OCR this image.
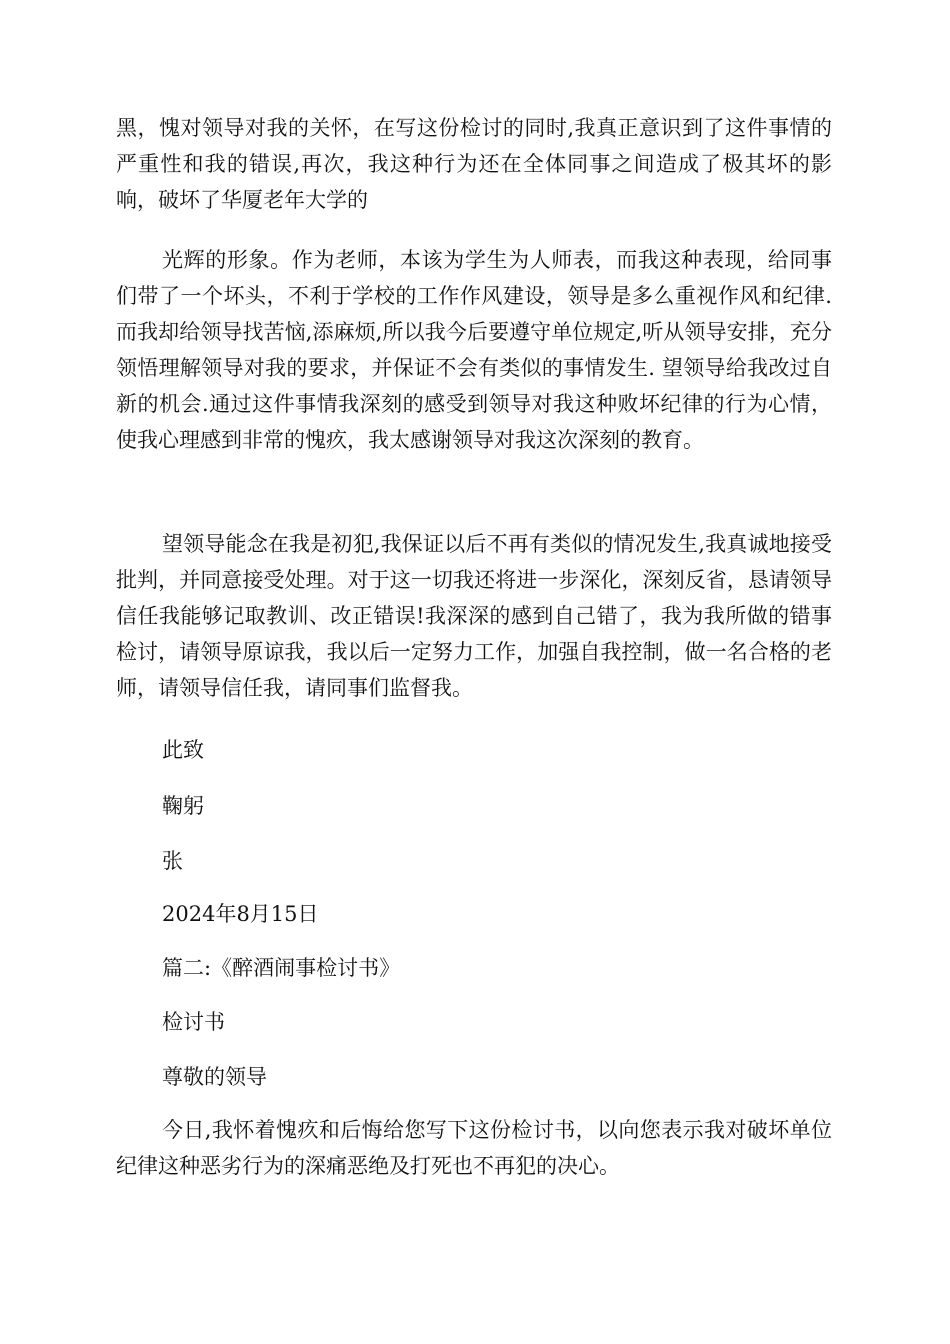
黑，愧对领导对我的关怀，在写这份检讨的同时,我真正意识到了这件事情的严重性和我的错误,再次，我这种行为还在全体同事之间造成了极其坏的影响，破坏了华厦老年大学的
光辉的形象。作为老师，本该为学生为人师表，而我这种表现，给同事们带了一个坏头，不利于学校的工作作风建设，领导是多么重视作风和纪律.而我却给领导找苦恼,添麻烦,所以我今后要遵守单位规定,听从领导安排，充分领悟理解领导对我的要求，并保证不会有类似的事情发生. 望领导给我改过自新的机会.通过这件事情我深刻的感受到领导对我这种败坏纪律的行为心情，使我心理感到非常的愧疚，我太感谢领导对我这次深刻的教育。
望领导能念在我是初犯,我保证以后不再有类似的情况发生,我真诚地接受批判，并同意接受处理。对于这一切我还将进一步深化，深刻反省，恳请领导信任我能够记取教训、改正错误!我深深的感到自己错了，我为我所做的错事检讨，请领导原谅我，我以后一定努力工作，加强自我控制，做一名合格的老师，请领导信任我，请同事们监督我。
此致
鞠躬
张
2024年8月15日
篇二:《醉酒闹事检讨书》
检讨书
尊敬的领导
今日,我怀着愧疚和后悔给您写下这份检讨书，以向您表示我对破坏单位纪律这种恶劣行为的深痛恶绝及打死也不再犯的决心。
